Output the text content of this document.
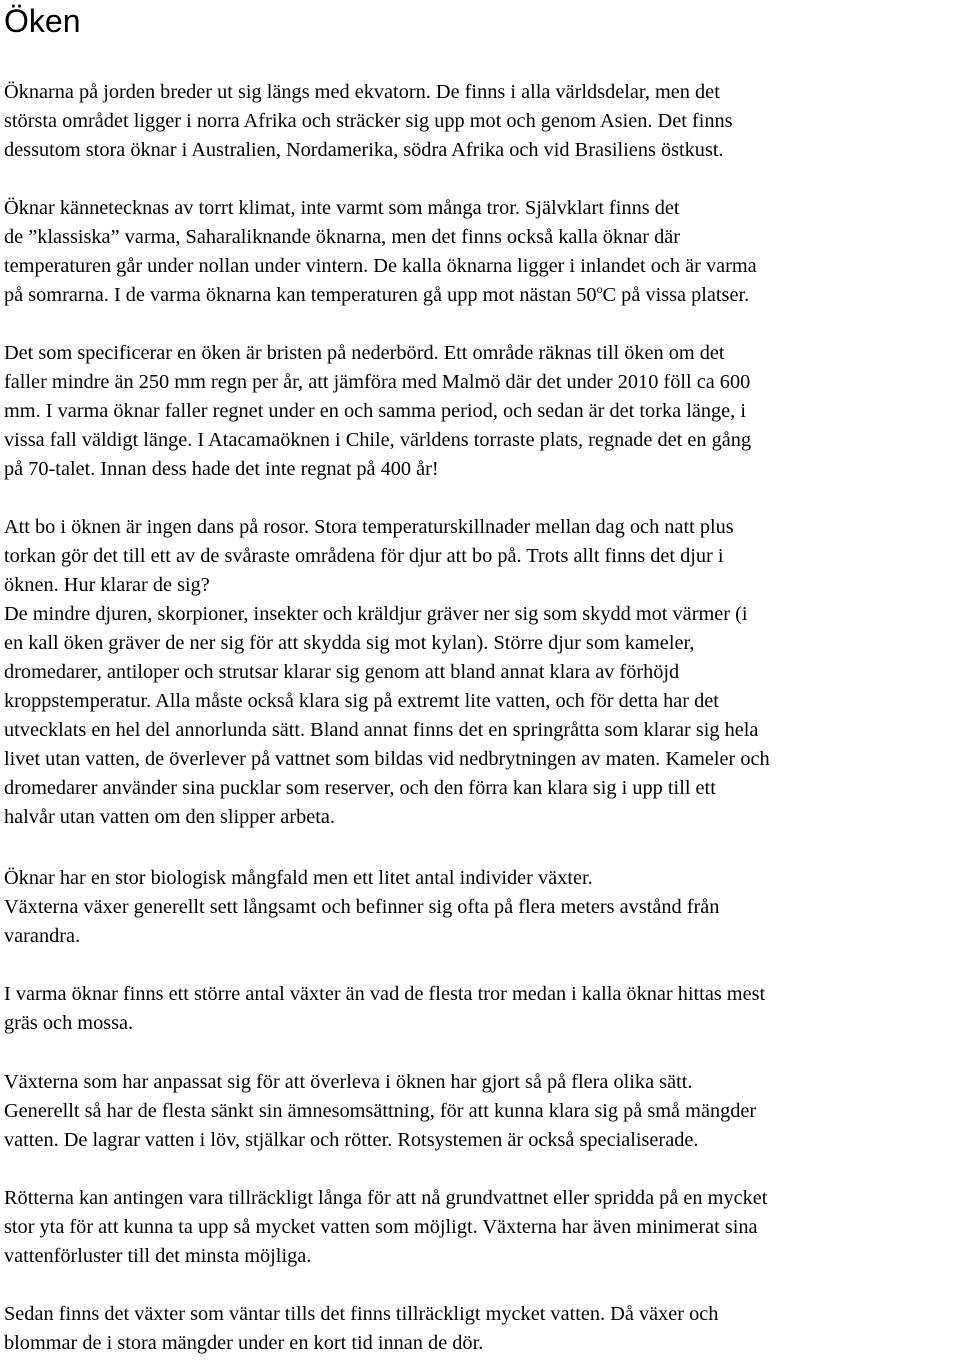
Öken

Öknarna på jorden breder ut sig längs med ekvatorn. De finns i alla världsdelar, men det
största området ligger i norra Afrika och sträcker sig upp mot och genom Asien. Det finns
dessutom stora öknar i Australien, Nordamerika, södra Afrika och vid Brasiliens östkust.

Öknar kännetecknas av torrt klimat, inte varmt som många tror. Självklart finns det
de ”klassiska” varma, Saharaliknande öknarna, men det finns också kalla öknar där
temperaturen går under nollan under vintern. De kalla öknarna ligger i inlandet och är varma
på somrarna. I de varma öknarna kan temperaturen gå upp mot nästan 50$^o$C på vissa platser.

Det som specificerar en öken är bristen på nederbörd. Ett område räknas till öken om det
faller mindre än 250 mm regn per år, att jämföra med Malmö där det under 2010 föll ca 600
mm. I varma öknar faller regnet under en och samma period, och sedan är det torka länge, i
vissa fall väldigt länge. I Atacamaöknen i Chile, världens torraste plats, regnade det en gång
på 70-talet. Innan dess hade det inte regnat på 400 år!

Att bo i öknen är ingen dans på rosor. Stora temperaturskillnader mellan dag och natt plus
torkan gör det till ett av de svåraste områdena för djur att bo på. Trots allt finns det djur i
öknen. Hur klarar de sig?
De mindre djuren, skorpioner, insekter och kräldjur gräver ner sig som skydd mot värmer (i
en kall öken gräver de ner sig för att skydda sig mot kylan). Större djur som kameler,
dromedarer, antiloper och strutsar klarar sig genom att bland annat klara av förhöjd
kroppstemperatur. Alla måste också klara sig på extremt lite vatten, och för detta har det
utvecklats en hel del annorlunda sätt. Bland annat finns det en springråtta som klarar sig hela
livet utan vatten, de överlever på vattnet som bildas vid nedbrytningen av maten. Kameler och
dromedarer använder sina pucklar som reserver, och den förra kan klara sig i upp till ett
halvår utan vatten om den slipper arbeta.

Öknar har en stor biologisk mångfald men ett litet antal individer växter.
Växterna växer generellt sett långsamt och befinner sig ofta på flera meters avstånd från
varandra.

I varma öknar finns ett större antal växter än vad de flesta tror medan i kalla öknar hittas mest
gräs och mossa.

Växterna som har anpassat sig för att överleva i öknen har gjort så på flera olika sätt.
Generellt så har de flesta sänkt sin ämnesomsättning, för att kunna klara sig på små mängder
vatten. De lagrar vatten i löv, stjälkar och rötter. Rotsystemen är också specialiserade.

Rötterna kan antingen vara tillräckligt långa för att nå grundvattnet eller spridda på en mycket
stor yta för att kunna ta upp så mycket vatten som möjligt. Växterna har även minimerat sina
vattenförluster till det minsta möjliga.

Sedan finns det växter som väntar tills det finns tillräckligt mycket vatten. Då växer och
blommar de i stora mängder under en kort tid innan de dör.
